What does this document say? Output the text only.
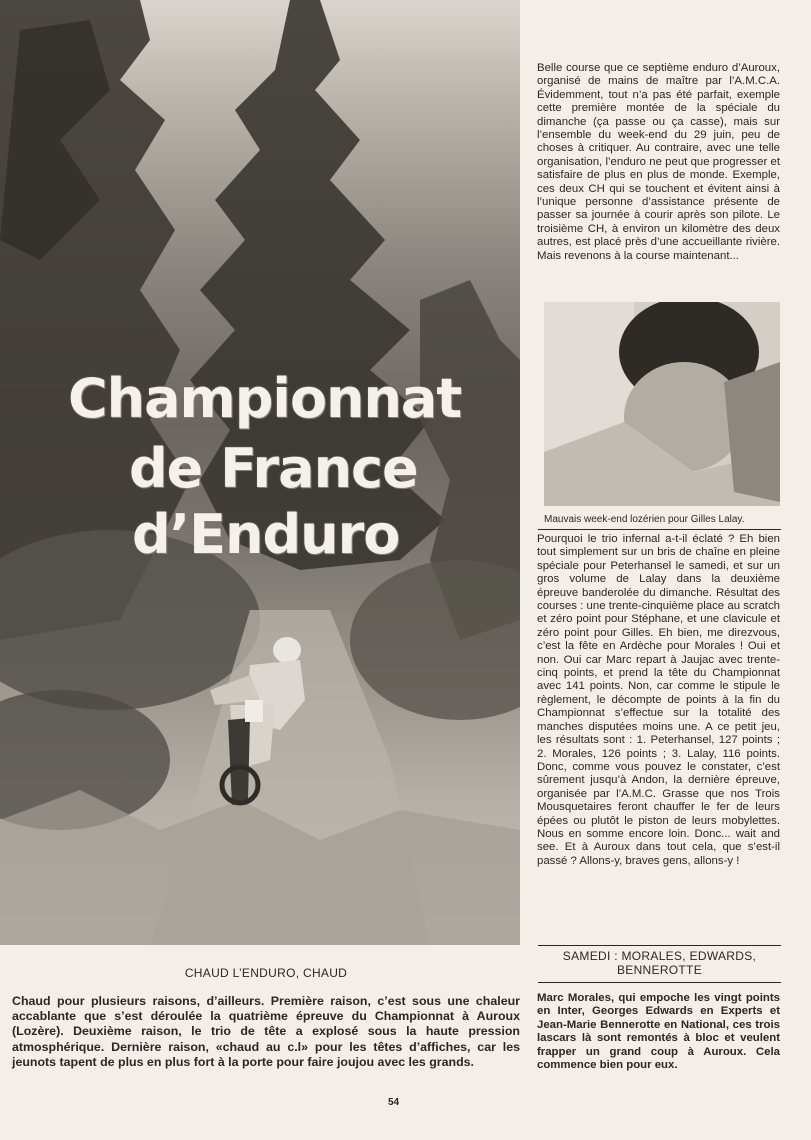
Championnat

de France

d’Enduro

Belle course que ce septième enduro d’Auroux, organisé de mains de maître par l’A.M.C.A. Évidemment, tout n’a pas été parfait, exemple cette première montée de la spéciale du dimanche (ça passe ou ça casse), mais sur l’ensemble du week-end du 29 juin, peu de choses à critiquer. Au contraire, avec une telle organisation, l’enduro ne peut que progresser et satisfaire de plus en plus de monde. Exemple, ces deux CH qui se touchent et évitent ainsi à l’unique personne d’assistance présente de passer sa journée à courir après son pilote. Le troisième CH, à environ un kilomètre des deux autres, est placé près d’une accueillante rivière. Mais revenons à la course maintenant...

Mauvais week-end lozérien pour Gilles Lalay.

Pourquoi le trio infernal a-t-il éclaté ? Eh bien tout simplement sur un bris de chaîne en pleine spéciale pour Peterhansel le samedi, et sur un gros volume de Lalay dans la deuxième épreuve banderolée du dimanche. Résultat des courses : une trente-cinquième place au scratch et zéro point pour Stéphane, et une clavicule et zéro point pour Gilles. Eh bien, me direzvous, c’est la fête en Ardèche pour Morales ! Oui et non. Oui car Marc repart à Jaujac avec trente-cinq points, et prend la tête du Championnat avec 141 points. Non, car comme le stipule le règlement, le décompte de points à la fin du Championnat s’effectue sur la totalité des manches disputées moins une. A ce petit jeu, les résultats sont : 1. Peterhansel, 127 points ; 2. Morales, 126 points ; 3. Lalay, 116 points. Donc, comme vous pouvez le constater, c’est sûrement jusqu’à Andon, la dernière épreuve, organisée par l’A.M.C. Grasse que nos Trois Mousquetaires feront chauffer le fer de leurs épées ou plutôt le piston de leurs mobylettes. Nous en somme encore loin. Donc... wait and see. Et à Auroux dans tout cela, que s’est-il passé ? Allons-y, braves gens, allons-y !

SAMEDI : MORALES, EDWARDS,

BENNEROTTE

Marc Morales, qui empoche les vingt points en Inter, Georges Edwards en Experts et Jean-Marie Bennerotte en National, ces trois lascars là sont remontés à bloc et veulent frapper un grand coup à Auroux. Cela commence bien pour eux.

CHAUD L’ENDURO, CHAUD

Chaud pour plusieurs raisons, d’ailleurs. Première raison, c’est sous une chaleur accablante que s’est déroulée la quatrième épreuve du Championnat à Auroux (Lozère). Deuxième raison, le trio de tête a explosé sous la haute pression atmosphérique. Dernière raison, «chaud au c.l» pour les têtes d’affiches, car les jeunots tapent de plus en plus fort à la porte pour faire joujou avec les grands.

54
